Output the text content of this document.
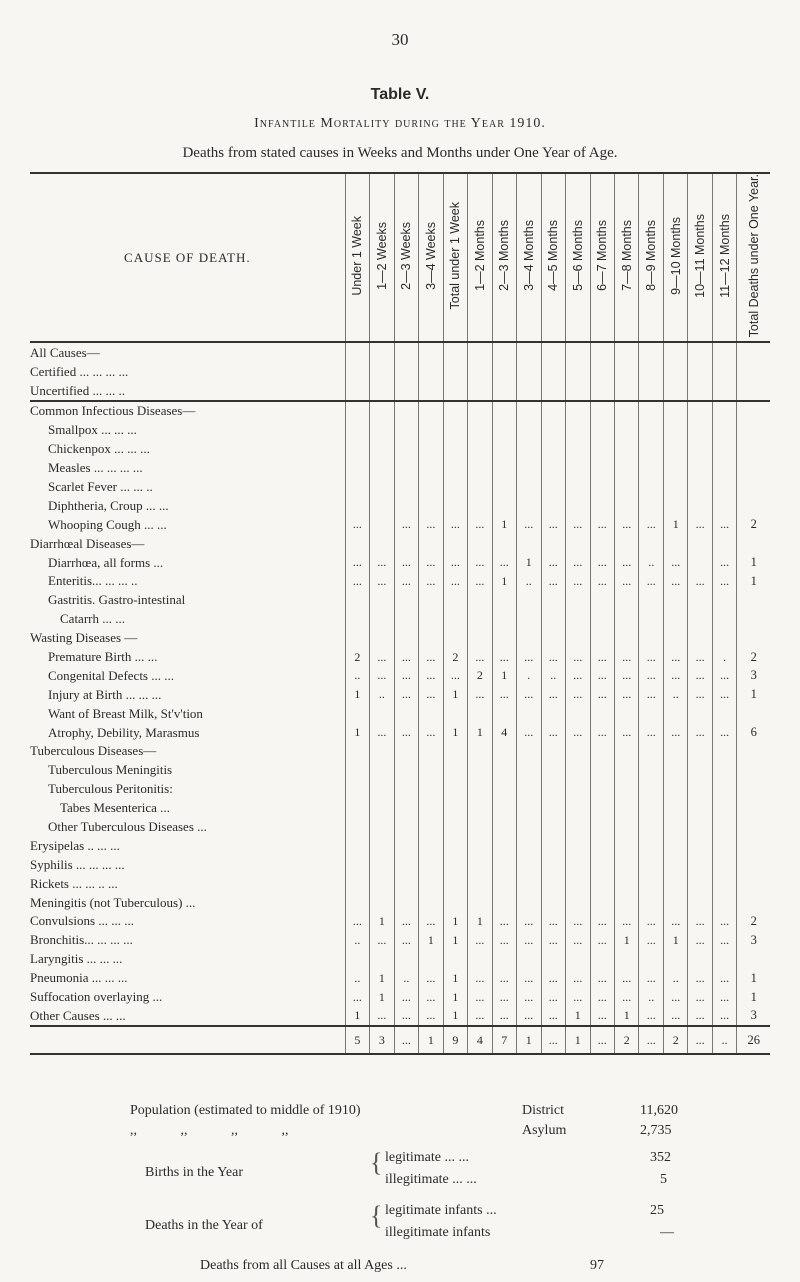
30
Table V.
Infantile Mortality during the Year 1910.
Deaths from stated causes in Weeks and Months under One Year of Age.
CAUSE OF DEATH.	Under 1 Week	1—2 Weeks	2—3 Weeks	3—4 Weeks	Total under 1 Week	1—2 Months	2—3 Months	3—4 Months	4—5 Months	5—6 Months	6—7 Months	7—8 Months	8—9 Months	9—10 Months	10—11 Months	11—12 Months	Total Deaths under One Year.
All Causes—																	
Certified ... ... ... ...																	
Uncertified ... ... ..																	
Common Infectious Diseases—																	
Smallpox ... ... ...																	
Chickenpox ... ... ...																	
Measles ... ... ... ...																	
Scarlet Fever ... ... ..																	
Diphtheria, Croup ... ...																	
Whooping Cough ... ...	...		...	...	...	...	1	...	...	...	...	...	...	1	...	...	2
Diarrhœal Diseases—																	
Diarrhœa, all forms ...	...	...	...	...	...	...	...	1	...	...	...	...	..	...		...	1
Enteritis... ... ... ..	...	...	...	...	...	...	1	..	...	...	...	...	...	...	...	...	1
Gastritis. Gastro-intestinal																	
Catarrh ... ...																	
Wasting Diseases —																	
Premature Birth ... ...	2	...	...	...	2	...	...	...	...	...	...	...	...	...	...	.	2
Congenital Defects ... ...	..	...	...	...	...	2	1	.	..	...	...	...	...	...	...	...	3
Injury at Birth ... ... ...	1	..	...	...	1	...	...	...	...	...	...	...	...	..	...	...	1
Want of Breast Milk, St'v'tion																	
Atrophy, Debility, Marasmus	1	...	...	...	1	1	4	...	...	...	...	...	...	...	...	...	6
Tuberculous Diseases—																	
Tuberculous Meningitis																	
Tuberculous Peritonitis:																	
Tabes Mesenterica ...																	
Other Tuberculous Diseases ...																	
Erysipelas .. ... ...																	
Syphilis ... ... ... ...																	
Rickets ... ... .. ...																	
Meningitis (not Tuberculous) ...																	
Convulsions ... ... ...	...	1	...	...	1	1	...	...	...	...	...	...	...	...	...	...	2
Bronchitis... ... ... ...	..	...	...	1	1	...	...	...	...	...	...	1	...	1	...	...	3
Laryngitis ... ... ...																	
Pneumonia ... ... ...	..	1	..	...	1	...	...	...	...	...	...	...	...	..	...	...	1
Suffocation overlaying ...	...	1	...	...	1	...	...	...	...	...	...	...	..	...	...	...	1
Other Causes ... ...	1	...	...	...	1	...	...	...	...	1	...	1	...	...	...	...	3
	5	3	...	1	9	4	7	1	...	1	...	2	...	2	...	..	26
Population (estimated to middle of 1910)	District	11,620
,, ,, ,, ,,	Asylum	2,735
Births in the Year	{ legitimate ... ...	352
illegitimate ... ...	5
Deaths in the Year of	{ legitimate infants ...	25
illegitimate infants	—
Deaths from all Causes at all Ages ...	97
